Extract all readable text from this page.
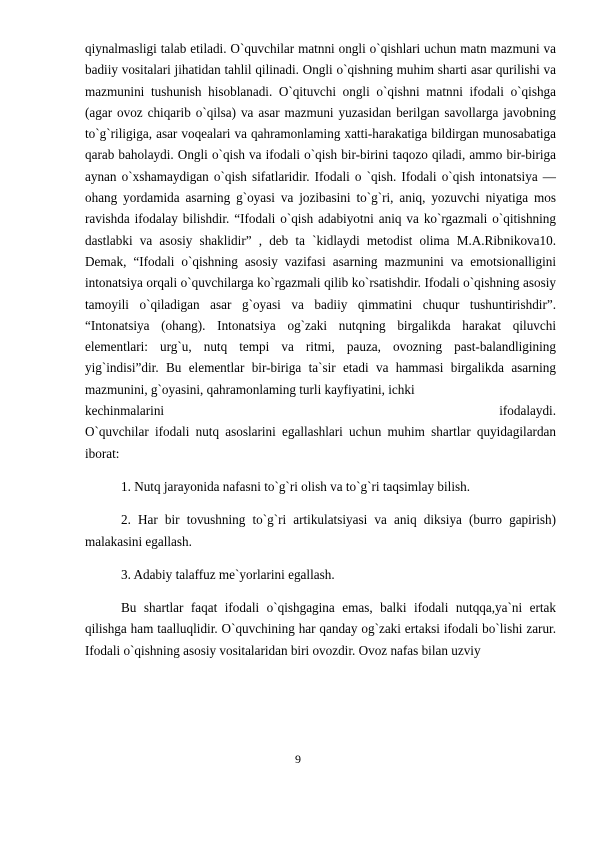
qiynalmasligi talab etiladi. O`quvchilar matnni ongli o`qishlari uchun matn mazmuni va badiiy vositalari jihatidan tahlil qilinadi. Ongli o`qishning muhim sharti asar qurilishi va mazmunini tushunish hisoblanadi. O`qituvchi ongli o`qishni matnni ifodali o`qishga (agar ovoz chiqarib o`qilsa) va asar mazmuni yuzasidan berilgan savollarga javobning to`g`riligiga, asar voqealari va qahramonlaming xatti-harakatiga bildirgan munosabatiga qarab baholaydi. Ongli o`qish va ifodali o`qish bir-birini taqozo qiladi, ammo bir-biriga aynan o`xshamaydigan o`qish sifatlaridir. Ifodali o `qish. Ifodali o`qish intonatsiya — ohang yordamida asarning g`oyasi va jozibasini to`g`ri, aniq, yozuvchi niyatiga mos ravishda ifodalay bilishdir. “Ifodali o`qish adabiyotni aniq va ko`rgazmali o`qitishning dastlabki va asosiy shaklidir” , deb ta `kidlaydi metodist olima M.A.Ribnikova10. Demak, “Ifodali o`qishning asosiy vazifasi asarning mazmunini va emotsionalligini intonatsiya orqali o`quvchilarga ko`rgazmali qilib ko`rsatishdir. Ifodali o`qishning asosiy tamoyili o`qiladigan asar g`oyasi va badiiy qimmatini chuqur tushuntirishdir”. “Intonatsiya (ohang). Intonatsiya og`zaki nutqning birgalikda harakat qiluvchi elementlari: urg`u, nutq tempi va ritmi, pauza, ovozning past-balandligining yig`indisi”dir. Bu elementlar bir-biriga ta`sir etadi va hammasi birgalikda asarning mazmunini, g`oyasini, qahramonlaming turli kayfiyatini, ichki

kechinmalarini	ifodalaydi.

O`quvchilar ifodali nutq asoslarini egallashlari uchun muhim shartlar quyidagilardan iborat:

1. Nutq jarayonida nafasni to`g`ri olish va to`g`ri taqsimlay bilish.

2. Har bir tovushning to`g`ri artikulatsiyasi va aniq diksiya (burro gapirish) malakasini egallash.

3. Adabiy talaffuz me`yorlarini egallash.

Bu shartlar faqat ifodali o`qishgagina emas, balki ifodali nutqqa,ya`ni ertak qilishga ham taalluqlidir. O`quvchining har qanday og`zaki ertaksi ifodali bo`lishi zarur. Ifodali o`qishning asosiy vositalaridan biri ovozdir. Ovoz nafas bilan uzviy

9
